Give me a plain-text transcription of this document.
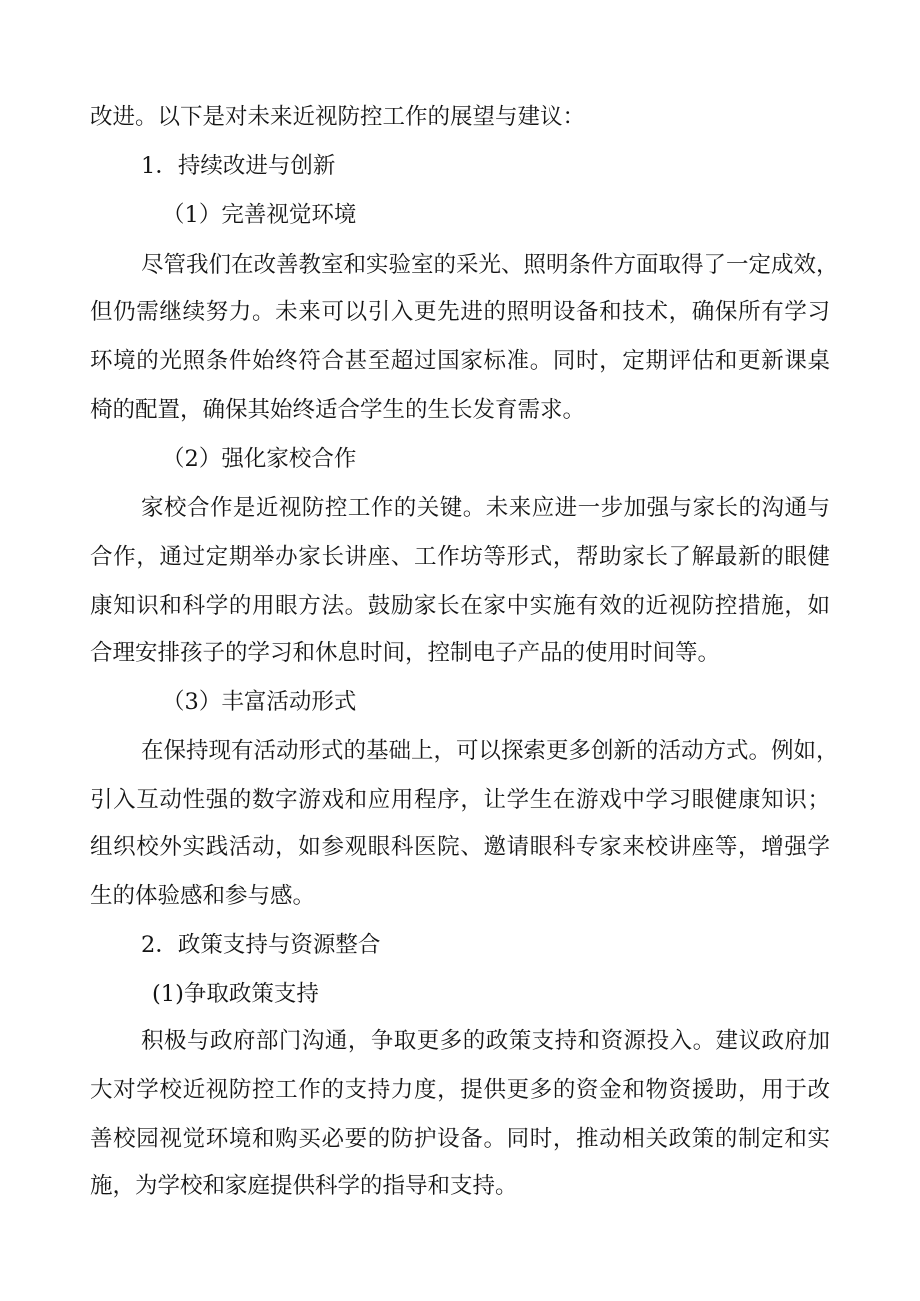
改进。以下是对未来近视防控工作的展望与建议：

1．持续改进与创新

（1）完善视觉环境

尽管我们在改善教室和实验室的采光、照明条件方面取得了一定成效，

但仍需继续努力。未来可以引入更先进的照明设备和技术，确保所有学习

环境的光照条件始终符合甚至超过国家标准。同时，定期评估和更新课桌

椅的配置，确保其始终适合学生的生长发育需求。

（2）强化家校合作

家校合作是近视防控工作的关键。未来应进一步加强与家长的沟通与

合作，通过定期举办家长讲座、工作坊等形式，帮助家长了解最新的眼健

康知识和科学的用眼方法。鼓励家长在家中实施有效的近视防控措施，如

合理安排孩子的学习和休息时间，控制电子产品的使用时间等。

（3）丰富活动形式

在保持现有活动形式的基础上，可以探索更多创新的活动方式。例如，

引入互动性强的数字游戏和应用程序，让学生在游戏中学习眼健康知识；

组织校外实践活动，如参观眼科医院、邀请眼科专家来校讲座等，增强学

生的体验感和参与感。

2．政策支持与资源整合

(1)争取政策支持

积极与政府部门沟通，争取更多的政策支持和资源投入。建议政府加

大对学校近视防控工作的支持力度，提供更多的资金和物资援助，用于改

善校园视觉环境和购买必要的防护设备。同时，推动相关政策的制定和实

施，为学校和家庭提供科学的指导和支持。
